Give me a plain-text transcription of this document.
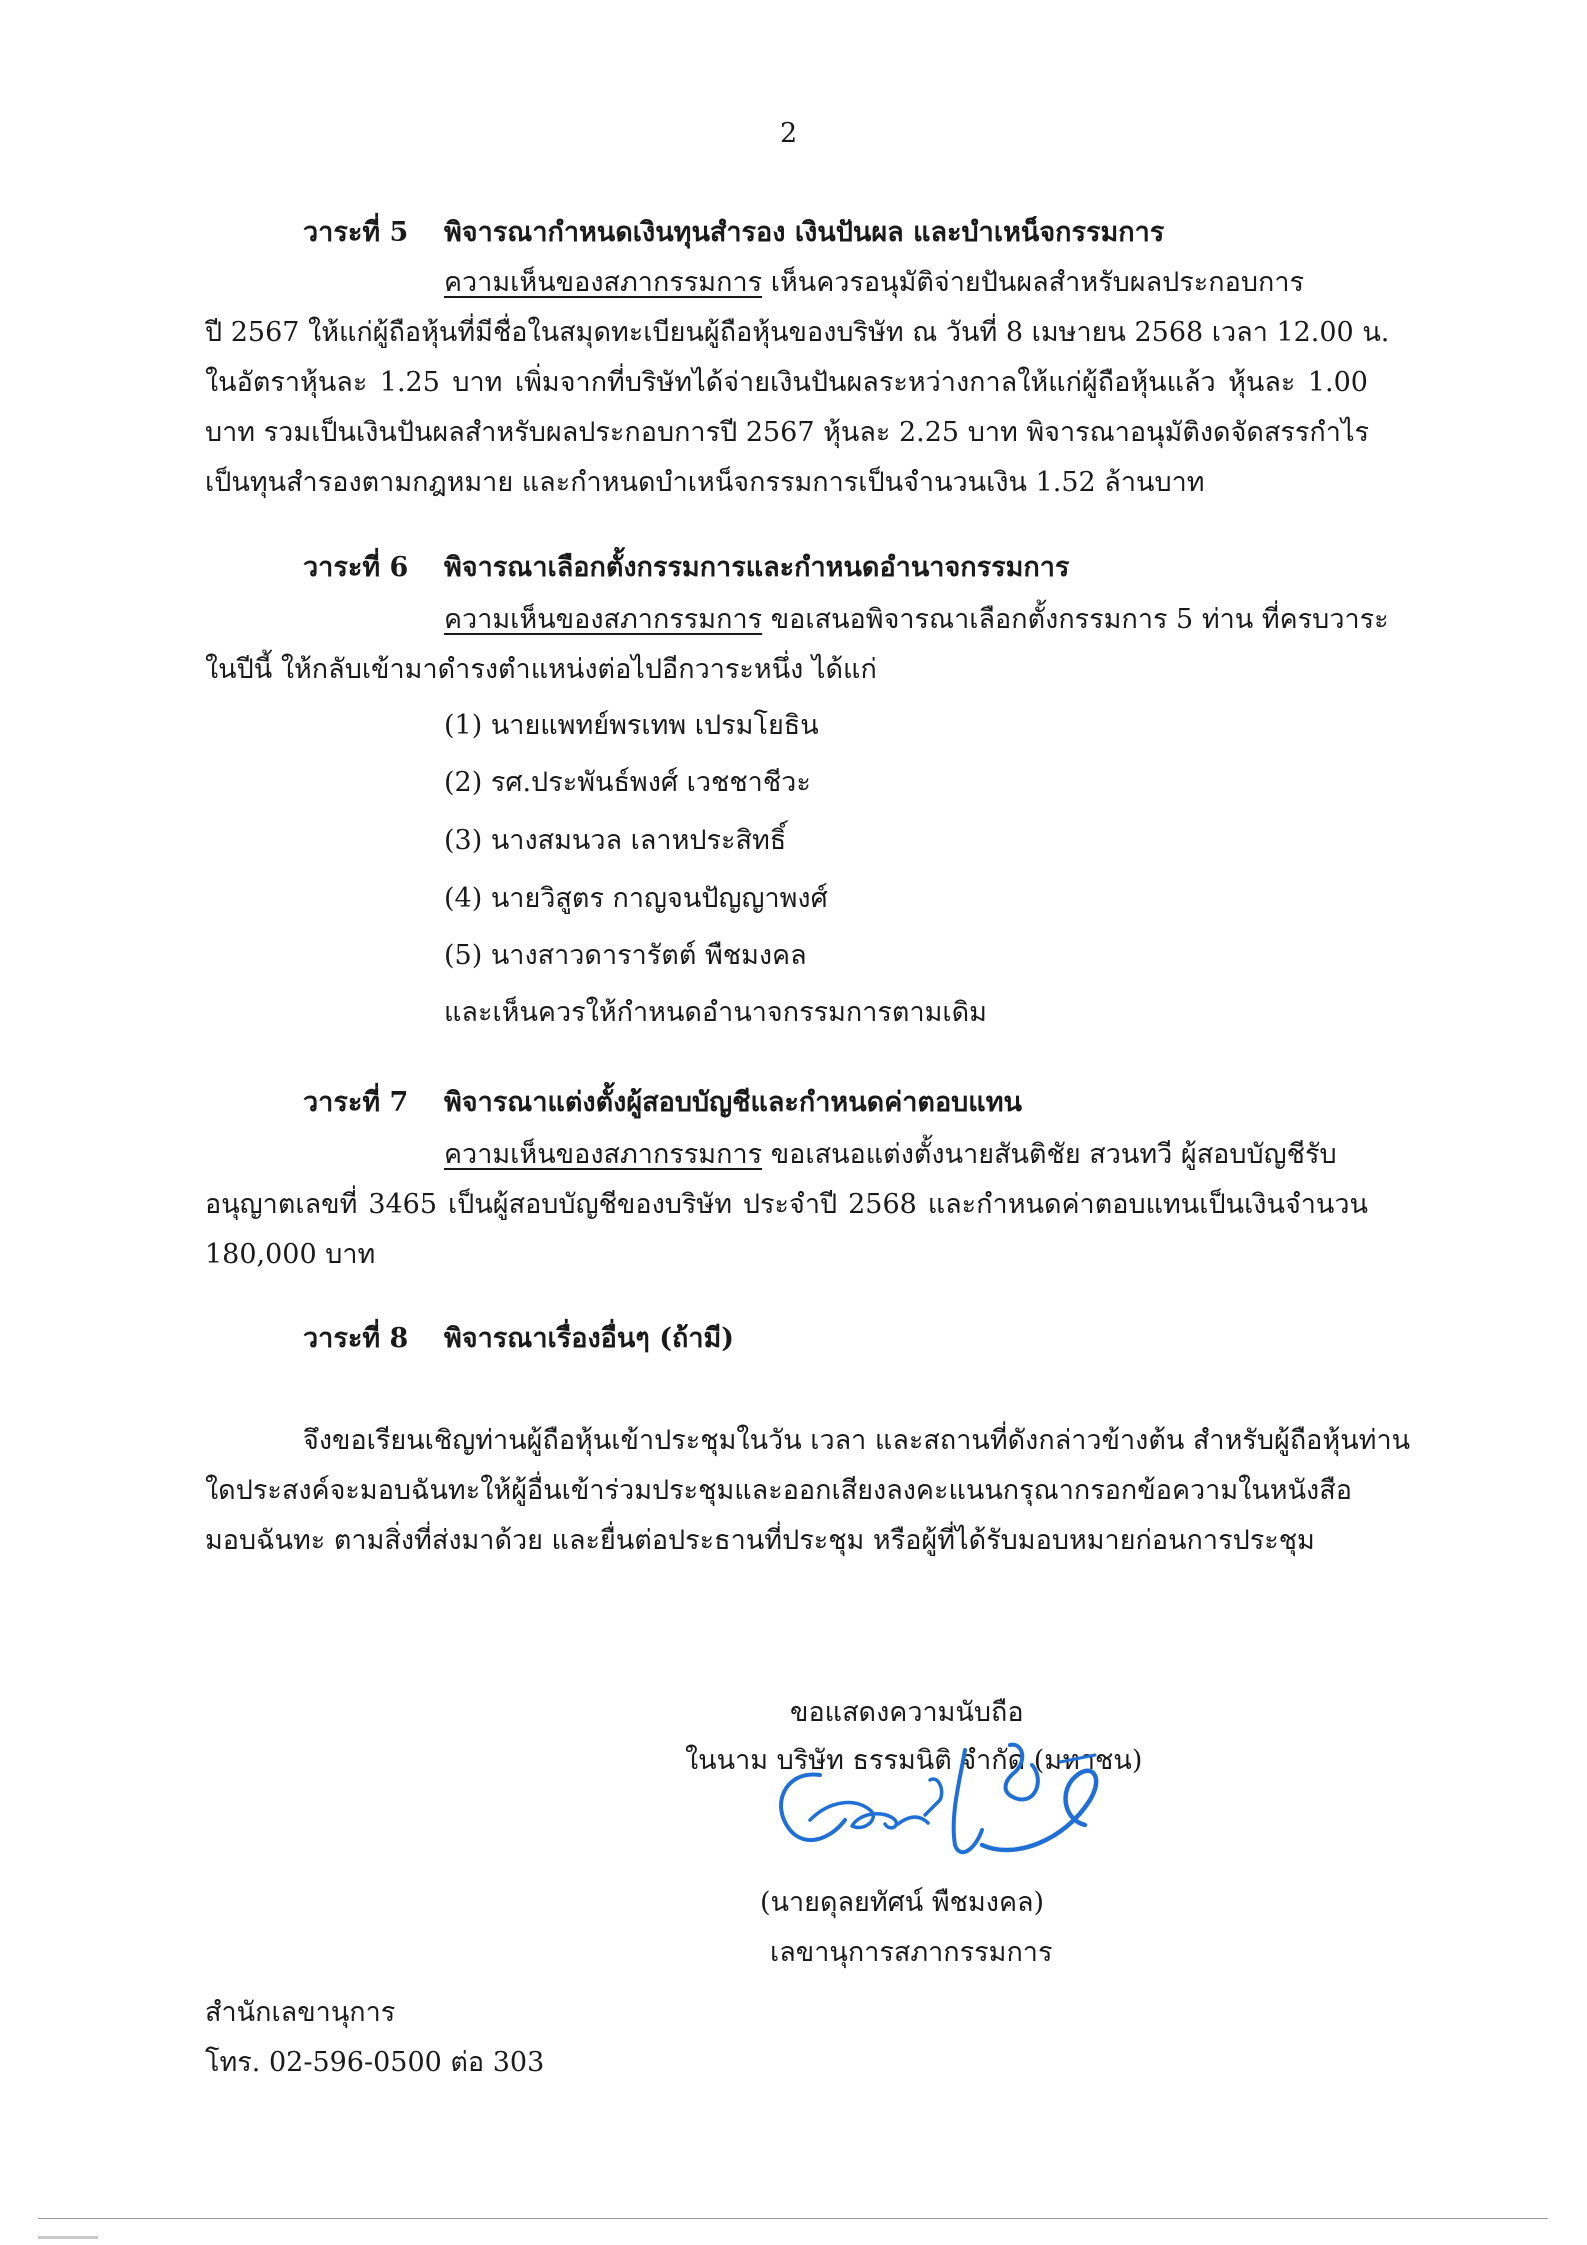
2
วาระที่ 5 พิจารณากำหนดเงินทุนสำรอง เงินปันผล และบำเหน็จกรรมการ
ความเห็นของสภากรรมการ เห็นควรอนุมัติจ่ายปันผลสำหรับผลประกอบการ
ปี 2567 ให้แก่ผู้ถือหุ้นที่มีชื่อในสมุดทะเบียนผู้ถือหุ้นของบริษัท ณ วันที่ 8 เมษายน 2568 เวลา 12.00 น.
ในอัตราหุ้นละ 1.25 บาท เพิ่มจากที่บริษัทได้จ่ายเงินปันผลระหว่างกาลให้แก่ผู้ถือหุ้นแล้ว หุ้นละ 1.00
บาท รวมเป็นเงินปันผลสำหรับผลประกอบการปี 2567 หุ้นละ 2.25 บาท พิจารณาอนุมัติงดจัดสรรกำไร
เป็นทุนสำรองตามกฎหมาย และกำหนดบำเหน็จกรรมการเป็นจำนวนเงิน 1.52 ล้านบาท
วาระที่ 6 พิจารณาเลือกตั้งกรรมการและกำหนดอำนาจกรรมการ
ความเห็นของสภากรรมการ ขอเสนอพิจารณาเลือกตั้งกรรมการ 5 ท่าน ที่ครบวาระ
ในปีนี้ ให้กลับเข้ามาดำรงตำแหน่งต่อไปอีกวาระหนึ่ง ได้แก่
(1) นายแพทย์พรเทพ เปรมโยธิน
(2) รศ.ประพันธ์พงศ์ เวชชาชีวะ
(3) นางสมนวล เลาหประสิทธิ์
(4) นายวิสูตร กาญจนปัญญาพงศ์
(5) นางสาวดารารัตต์ พืชมงคล
และเห็นควรให้กำหนดอำนาจกรรมการตามเดิม
วาระที่ 7 พิจารณาแต่งตั้งผู้สอบบัญชีและกำหนดค่าตอบแทน
ความเห็นของสภากรรมการ ขอเสนอแต่งตั้งนายสันติชัย สวนทวี ผู้สอบบัญชีรับ
อนุญาตเลขที่ 3465 เป็นผู้สอบบัญชีของบริษัท ประจำปี 2568 และกำหนดค่าตอบแทนเป็นเงินจำนวน
180,000 บาท
วาระที่ 8 พิจารณาเรื่องอื่นๆ (ถ้ามี)
จึงขอเรียนเชิญท่านผู้ถือหุ้นเข้าประชุมในวัน เวลา และสถานที่ดังกล่าวข้างต้น สำหรับผู้ถือหุ้นท่าน
ใดประสงค์จะมอบฉันทะให้ผู้อื่นเข้าร่วมประชุมและออกเสียงลงคะแนนกรุณากรอกข้อความในหนังสือ
มอบฉันทะ ตามสิ่งที่ส่งมาด้วย และยื่นต่อประธานที่ประชุม หรือผู้ที่ได้รับมอบหมายก่อนการประชุม
ขอแสดงความนับถือ
ในนาม บริษัท ธรรมนิติ จำกัด (มหาชน)
(นายดุลยทัศน์ พืชมงคล)
เลขานุการสภากรรมการ
สำนักเลขานุการ
โทร. 02-596-0500 ต่อ 303
